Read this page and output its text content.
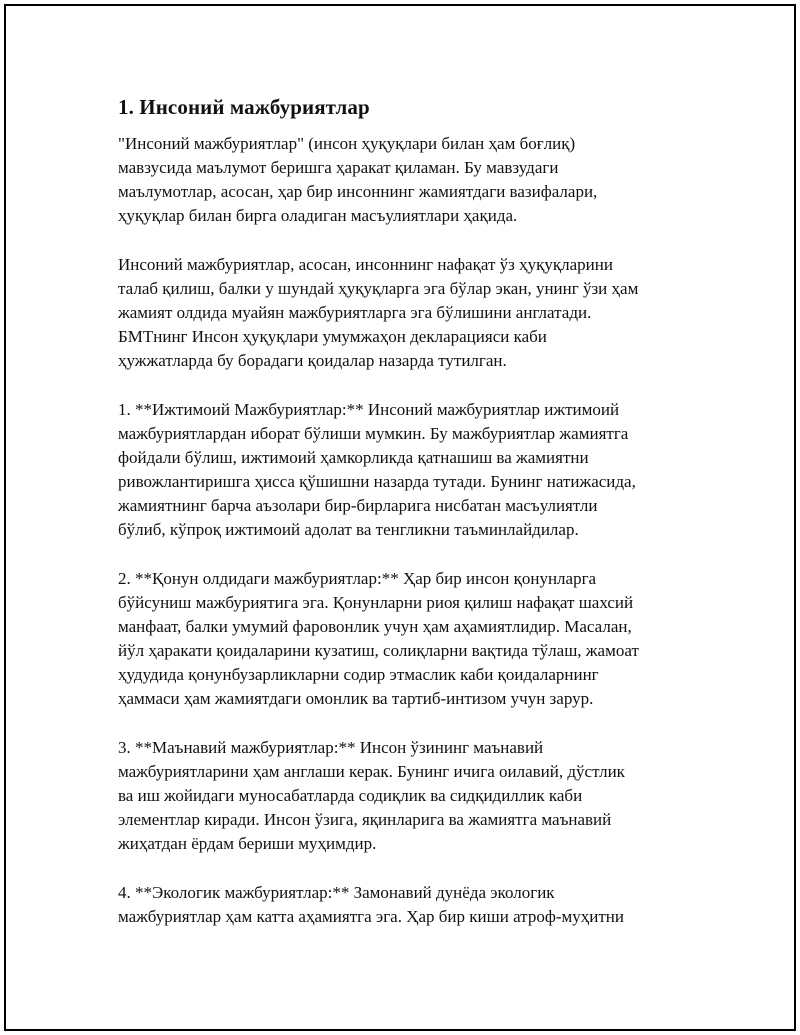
1. Инсоний мажбуриятлар
"Инсоний мажбуриятлар" (инсон ҳуқуқлари билан ҳам боғлиқ)
мавзусида маълумот беришга ҳаракат қиламан. Бу мавзудаги
маълумотлар, асосан, ҳар бир инсоннинг жамиятдаги вазифалари,
ҳуқуқлар билан бирга оладиган масъулиятлари ҳақида.
Инсоний мажбуриятлар, асосан, инсоннинг нафақат ўз ҳуқуқларини
талаб қилиш, балки у шундай ҳуқуқларга эга бўлар экан, унинг ўзи ҳам
жамият олдида муайян мажбуриятларга эга бўлишини англатади.
БМТнинг Инсон ҳуқуқлари умумжаҳон декларацияси каби
ҳужжатларда бу борадаги қоидалар назарда тутилган.
1. **Ижтимоий Мажбуриятлар:** Инсоний мажбуриятлар ижтимоий
мажбуриятлардан иборат бўлиши мумкин. Бу мажбуриятлар жамиятга
фойдали бўлиш, ижтимоий ҳамкорликда қатнашиш ва жамиятни
ривожлантиришга ҳисса қўшишни назарда тутади. Бунинг натижасида,
жамиятнинг барча аъзолари бир-бирларига нисбатан масъулиятли
бўлиб, кўпроқ ижтимоий адолат ва тенгликни таъминлайдилар.
2. **Қонун олдидаги мажбуриятлар:** Ҳар бир инсон қонунларга
бўйсуниш мажбуриятига эга. Қонунларни риоя қилиш нафақат шахсий
манфаат, балки умумий фаровонлик учун ҳам аҳамиятлидир. Масалан,
йўл ҳаракати қоидаларини кузатиш, солиқларни вақтида тўлаш, жамоат
ҳудудида қонунбузарликларни содир этмаслик каби қоидаларнинг
ҳаммаси ҳам жамиятдаги омонлик ва тартиб-интизом учун зарур.
3. **Маънавий мажбуриятлар:** Инсон ўзининг маънавий
мажбуриятларини ҳам англаши керак. Бунинг ичига оилавий, дўстлик
ва иш жойидаги муносабатларда содиқлик ва сидқидиллик каби
элементлар киради. Инсон ўзига, яқинларига ва жамиятга маънавий
жиҳатдан ёрдам бериши муҳимдир.
4. **Экологик мажбуриятлар:** Замонавий дунёда экологик
мажбуриятлар ҳам катта аҳамиятга эга. Ҳар бир киши атроф-муҳитни
